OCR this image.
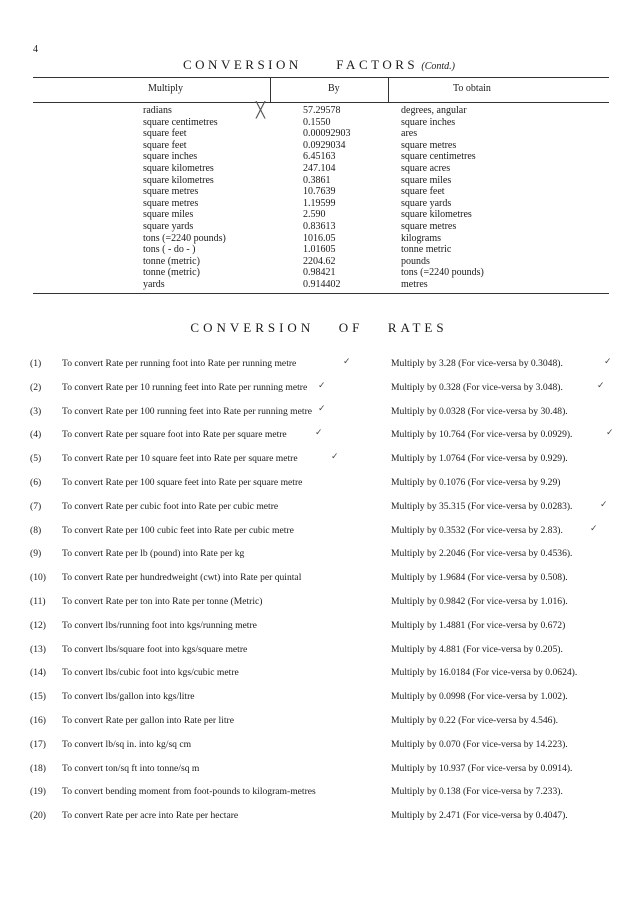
4
CONVERSION	FACTORS (Contd.)
Multiply	By	To obtain
radians	57.29578	degrees, angular
square centimetres	0.1550	square inches
square feet	0.00092903	ares
square feet	0.0929034	square metres
square inches	6.45163	square centimetres
square kilometres	247.104	square acres
square kilometres	0.3861	square miles
square metres	10.7639	square feet
square metres	1.19599	square yards
square miles	2.590	square kilometres
square yards	0.83613	square metres
tons (=2240 pounds)	1016.05	kilograms
tons ( - do - )	1.01605	tonne metric
tonne (metric)	2204.62	pounds
tonne (metric)	0.98421	tons (=2240 pounds)
yards	0.914402	metres
╳
CONVERSION OF RATES
(1) To convert Rate per running foot into Rate per running metre	Multiply by 3.28 (For vice-versa by 0.3048).
(2) To convert Rate per 10 running feet into Rate per running metre	Multiply by 0.328 (For vice-versa by 3.048).
(3) To convert Rate per 100 running feet into Rate per running metre	Multiply by 0.0328 (For vice-versa by 30.48).
(4) To convert Rate per square foot into Rate per square metre	Multiply by 10.764 (For vice-versa by 0.0929).
(5) To convert Rate per 10 square feet into Rate per square metre	Multiply by 1.0764 (For vice-versa by 0.929).
(6) To convert Rate per 100 square feet into Rate per square metre	Multiply by 0.1076 (For vice-versa by 9.29)
(7) To convert Rate per cubic foot into Rate per cubic metre	Multiply by 35.315 (For vice-versa by 0.0283).
(8) To convert Rate per 100 cubic feet into Rate per cubic metre	Multiply by 0.3532 (For vice-versa by 2.83).
(9) To convert Rate per lb (pound) into Rate per kg	Multiply by 2.2046 (For vice-versa by 0.4536).
(10) To convert Rate per hundredweight (cwt) into Rate per quintal	Multiply by 1.9684 (For vice-versa by 0.508).
(11) To convert Rate per ton into Rate per tonne (Metric)	Multiply by 0.9842 (For vice-versa by 1.016).
(12) To convert lbs/running foot into kgs/running metre	Multiply by 1.4881 (For vice-versa by 0.672)
(13) To convert lbs/square foot into kgs/square metre	Multiply by 4.881 (For vice-versa by 0.205).
(14) To convert lbs/cubic foot into kgs/cubic metre	Multiply by 16.0184 (For vice-versa by 0.0624).
(15) To convert lbs/gallon into kgs/litre	Multiply by 0.0998 (For vice-versa by 1.002).
(16) To convert Rate per gallon into Rate per litre	Multiply by 0.22 (For vice-versa by 4.546).
(17) To convert lb/sq in. into kg/sq cm	Multiply by 0.070 (For vice-versa by 14.223).
(18) To convert ton/sq ft into tonne/sq m	Multiply by 10.937 (For vice-versa by 0.0914).
(19) To convert bending moment from foot-pounds to kilogram-metres	Multiply by 0.138 (For vice-versa by 7.233).
(20) To convert Rate per acre into Rate per hectare	Multiply by 2.471 (For vice-versa by 0.4047).
✓
✓
✓
✓
✓
✓
✓
✓
✓
✓
